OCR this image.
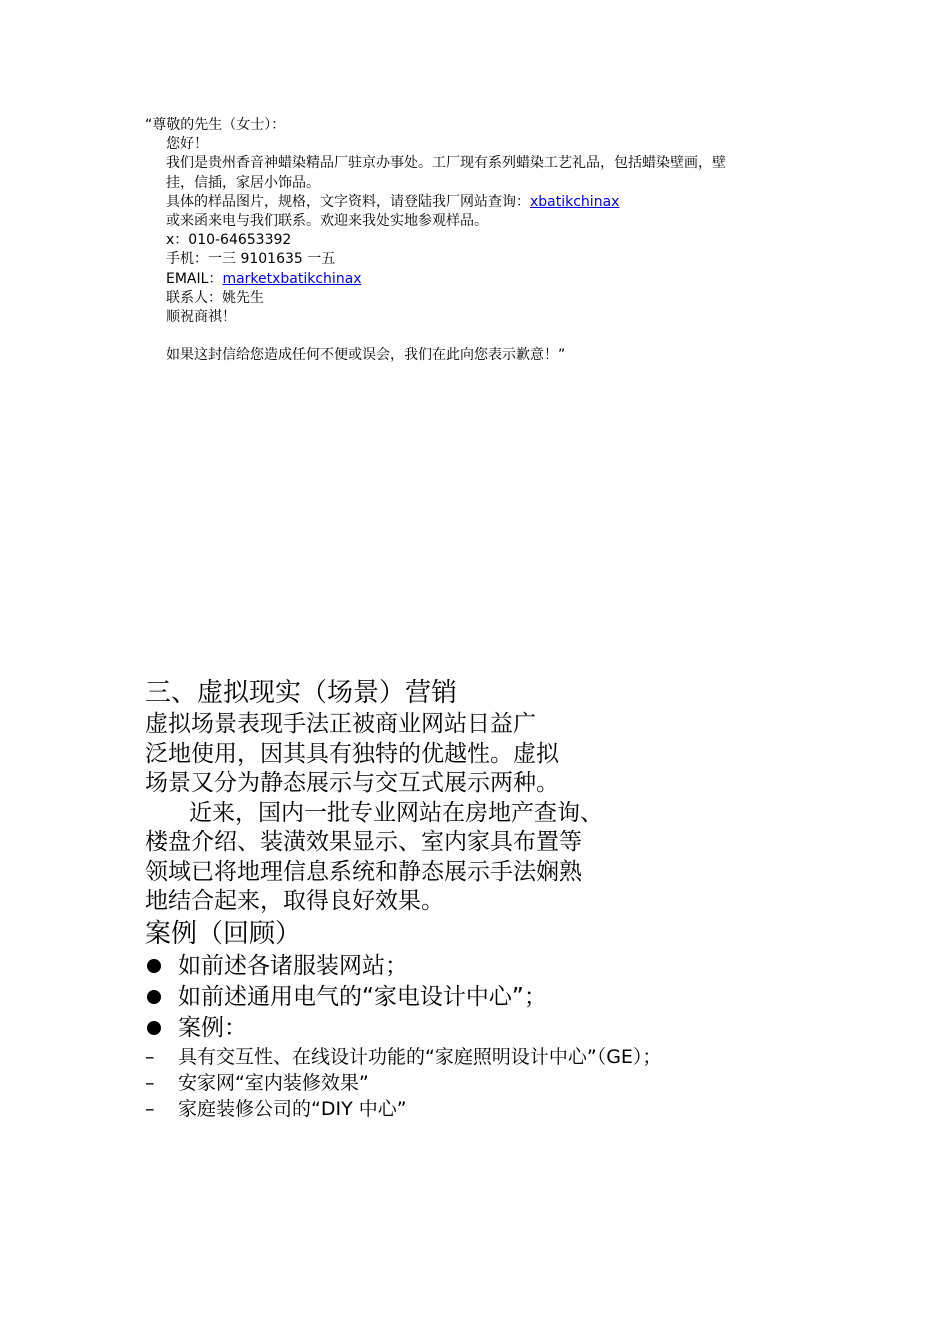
“尊敬的先生（女士）：
您好！
我们是贵州香音神蜡染精品厂驻京办事处。工厂现有系列蜡染工艺礼品，包括蜡染壁画，壁
挂，信插，家居小饰品。
具体的样品图片，规格，文字资料，请登陆我厂网站查询：xbatikchinax
或来函来电与我们联系。欢迎来我处实地参观样品。
x：010-64653392
手机：一三 9101635 一五
EMAIL：marketxbatikchinax
联系人：姚先生
顺祝商祺！
如果这封信给您造成任何不便或误会，我们在此向您表示歉意！”
三、虚拟现实（场景）营销
虚拟场景表现手法正被商业网站日益广
泛地使用，因其具有独特的优越性。虚拟
场景又分为静态展示与交互式展示两种。
近来，国内一批专业网站在房地产查询、
楼盘介绍、装潢效果显示、室内家具布置等
领域已将地理信息系统和静态展示手法娴熟
地结合起来，取得良好效果。
案例（回顾）
如前述各诸服装网站；
如前述通用电气的“家电设计中心”；
案例：
–	具有交互性、在线设计功能的“家庭照明设计中心”（GE）；
–	安家网“室内装修效果”
–	家庭装修公司的“DIY 中心”
